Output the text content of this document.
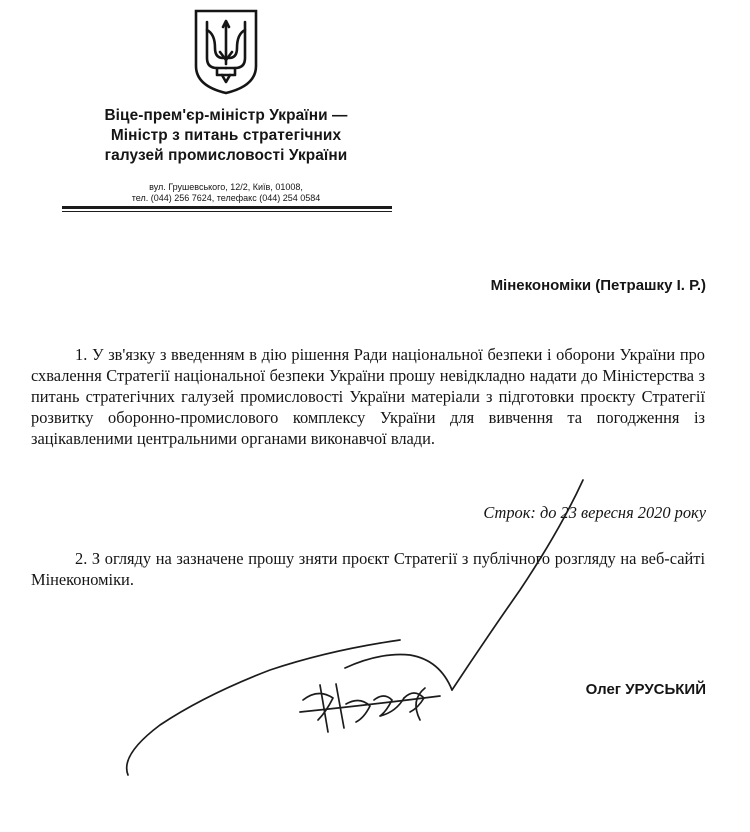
Віце-прем'єр-міністр України —
Міністр з питань стратегічних
галузей промисловості України
вул. Грушевського, 12/2, Київ, 01008,
тел. (044) 256 7624, телефакс (044) 254 0584
Мінекономіки (Петрашку І. Р.)

1. У зв'язку з введенням в дію рішення Ради національної безпеки і оборони України про схвалення Стратегії національної безпеки України прошу невідкладно надати до Міністерства з питань стратегічних галузей промисловості України матеріали з підготовки проєкту Стратегії розвитку оборонно-промислового комплексу України для вивчення та погодження із зацікавленими центральними органами виконавчої влади.

Строк: до 23 вересня 2020 року

2. З огляду на зазначене прошу зняти проєкт Стратегії з публічного розгляду на веб-сайті Мінекономіки.

Олег УРУСЬКИЙ
